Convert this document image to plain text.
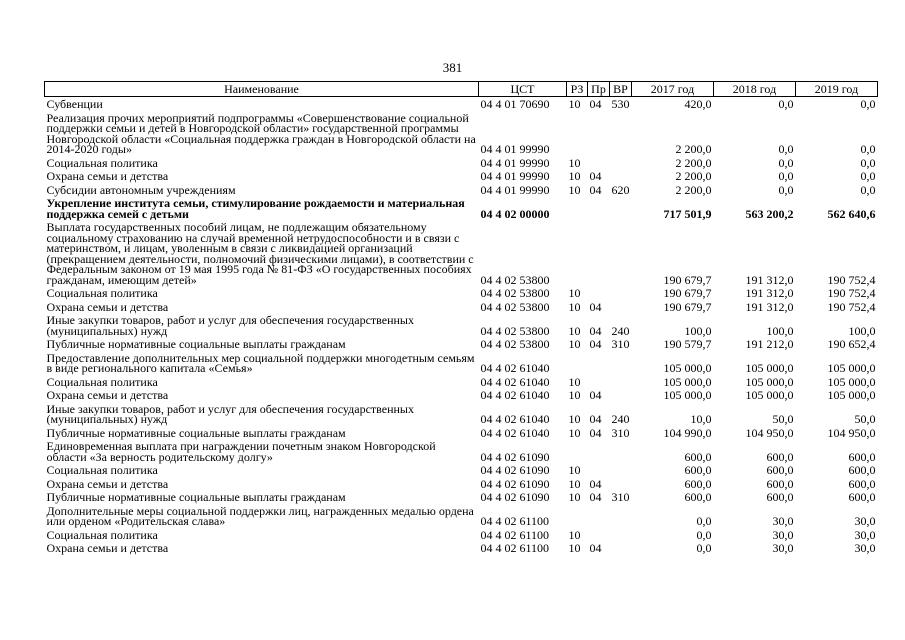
381
Наименование	ЦСТ	РЗ	Пр	ВР	2017 год	2018 год	2019 год
Субвенции	04 4 01 70690	10	04	530	420,0	0,0	0,0
Реализация прочих мероприятий подпрограммы «Совершенствование социальной поддержки семьи и детей в Новгородской области» государственной программы Новгородской области «Социальная поддержка граждан в Новгородской области на 2014-2020 годы»	04 4 01 99990				2 200,0	0,0	0,0
Социальная политика	04 4 01 99990	10			2 200,0	0,0	0,0
Охрана семьи и детства	04 4 01 99990	10	04		2 200,0	0,0	0,0
Субсидии автономным учреждениям	04 4 01 99990	10	04	620	2 200,0	0,0	0,0
Укрепление института семьи, стимулирование рождаемости и материальная поддержка семей с детьми	04 4 02 00000				717 501,9	563 200,2	562 640,6
Выплата государственных пособий лицам, не подлежащим обязательному социальному страхованию на случай временной нетрудоспособности и в связи с материнством, и лицам, уволенным в связи с ликвидацией организаций (прекращением деятельности, полномочий физическими лицами), в соответствии с Федеральным законом от 19 мая 1995 года № 81-ФЗ «О государственных пособиях гражданам, имеющим детей»	04 4 02 53800				190 679,7	191 312,0	190 752,4
Социальная политика	04 4 02 53800	10			190 679,7	191 312,0	190 752,4
Охрана семьи и детства	04 4 02 53800	10	04		190 679,7	191 312,0	190 752,4
Иные закупки товаров, работ и услуг для обеспечения государственных (муниципальных) нужд	04 4 02 53800	10	04	240	100,0	100,0	100,0
Публичные нормативные социальные выплаты гражданам	04 4 02 53800	10	04	310	190 579,7	191 212,0	190 652,4
Предоставление дополнительных мер социальной поддержки многодетным семьям в виде регионального капитала «Семья»	04 4 02 61040				105 000,0	105 000,0	105 000,0
Социальная политика	04 4 02 61040	10			105 000,0	105 000,0	105 000,0
Охрана семьи и детства	04 4 02 61040	10	04		105 000,0	105 000,0	105 000,0
Иные закупки товаров, работ и услуг для обеспечения государственных (муниципальных) нужд	04 4 02 61040	10	04	240	10,0	50,0	50,0
Публичные нормативные социальные выплаты гражданам	04 4 02 61040	10	04	310	104 990,0	104 950,0	104 950,0
Единовременная выплата при награждении почетным знаком Новгородской области «За верность родительскому долгу»	04 4 02 61090				600,0	600,0	600,0
Социальная политика	04 4 02 61090	10			600,0	600,0	600,0
Охрана семьи и детства	04 4 02 61090	10	04		600,0	600,0	600,0
Публичные нормативные социальные выплаты гражданам	04 4 02 61090	10	04	310	600,0	600,0	600,0
Дополнительные меры социальной поддержки лиц, награжденных медалью ордена или орденом «Родительская слава»	04 4 02 61100				0,0	30,0	30,0
Социальная политика	04 4 02 61100	10			0,0	30,0	30,0
Охрана семьи и детства	04 4 02 61100	10	04		0,0	30,0	30,0
